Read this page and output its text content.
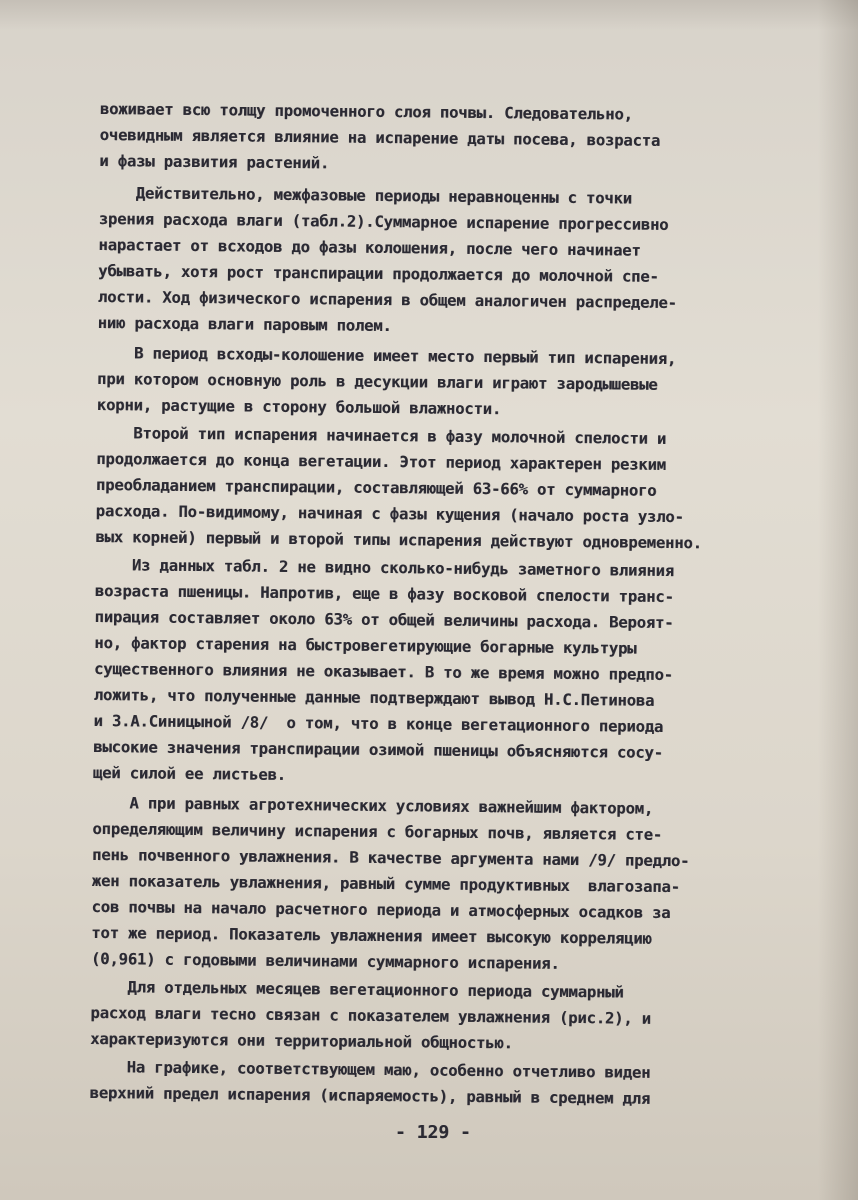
воживает всю толщу промоченного слоя почвы. Следовательно,
очевидным является влияние на испарение даты посева, возраста
и фазы развития растений.
Действительно, межфазовые периоды неравноценны с точки
зрения расхода влаги (табл.2).Суммарное испарение прогрессивно
нарастает от всходов до фазы колошения, после чего начинает
убывать, хотя рост транспирации продолжается до молочной спе-
лости. Ход физического испарения в общем аналогичен распределе-
нию расхода влаги паровым полем.
В период всходы-колошение имеет место первый тип испарения,
при котором основную роль в десукции влаги играют зародышевые
корни, растущие в сторону большой влажности.
Второй тип испарения начинается в фазу молочной спелости и
продолжается до конца вегетации. Этот период характерен резким
преобладанием транспирации, составляющей 63-66% от суммарного
расхода. По-видимому, начиная с фазы кущения (начало роста узло-
вых корней) первый и второй типы испарения действуют одновременно.
Из данных табл. 2 не видно сколько-нибудь заметного влияния
возраста пшеницы. Напротив, еще в фазу восковой спелости транс-
пирация составляет около 63% от общей величины расхода. Вероят-
но, фактор старения на быстровегетирующие богарные культуры
существенного влияния не оказывает. В то же время можно предпо-
ложить, что полученные данные подтверждают вывод Н.С.Петинова
и З.А.Синицыной /8/  о том, что в конце вегетационного периода
высокие значения транспирации озимой пшеницы объясняются сосу-
щей силой ее листьев.
А при равных агротехнических условиях важнейшим фактором,
определяющим величину испарения с богарных почв, является сте-
пень почвенного увлажнения. В качестве аргумента нами /9/ предло-
жен показатель увлажнения, равный сумме продуктивных  влагозапа-
сов почвы на начало расчетного периода и атмосферных осадков за
тот же период. Показатель увлажнения имеет высокую корреляцию
(0,961) с годовыми величинами суммарного испарения.
Для отдельных месяцев вегетационного периода суммарный
расход влаги тесно связан с показателем увлажнения (рис.2), и
характеризуются они территориальной общностью.
На графике, соответствующем маю, особенно отчетливо виден
верхний предел испарения (испаряемость), равный в среднем для
- 129 -
